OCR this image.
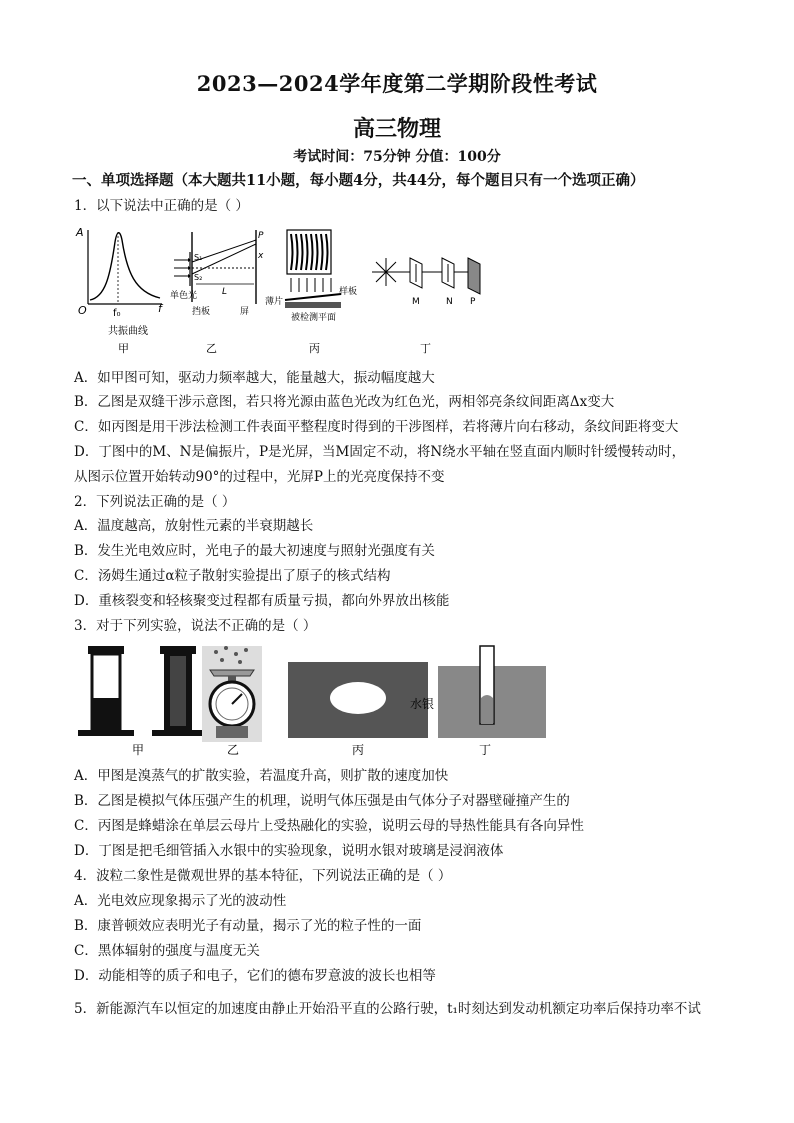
2023—2024学年度第二学期阶段性考试
高三物理
考试时间：75分钟 分值：100分
一、单项选择题（本大题共11小题，每小题4分，共44分，每个题目只有一个选项正确）
1．以下说法中正确的是（ ）
A
f
O	f₀
共振曲线
甲
S₁
S₂
P
x
L
单色光
挡板	屏
乙
薄片
样板
被检测平面
丙
M	N P
丁
A．如甲图可知，驱动力频率越大，能量越大，振动幅度越大
B．乙图是双缝干涉示意图，若只将光源由蓝色光改为红色光，两相邻亮条纹间距离Δx变大
C．如丙图是用干涉法检测工件表面平整程度时得到的干涉图样，若将薄片向右移动，条纹间距将变大
D．丁图中的M、N是偏振片，P是光屏，当M固定不动，将N绕水平轴在竖直面内顺时针缓慢转动时，
从图示位置开始转动90°的过程中，光屏P上的光亮度保持不变
2．下列说法正确的是（ ）
A．温度越高，放射性元素的半衰期越长
B．发生光电效应时，光电子的最大初速度与照射光强度有关
C．汤姆生通过α粒子散射实验提出了原子的核式结构
D．重核裂变和轻核聚变过程都有质量亏损，都向外界放出核能
3．对于下列实验，说法不正确的是（ ）
甲	乙	丙
水银
丁
A．甲图是溴蒸气的扩散实验，若温度升高，则扩散的速度加快
B．乙图是模拟气体压强产生的机理，说明气体压强是由气体分子对器壁碰撞产生的
C．丙图是蜂蜡涂在单层云母片上受热融化的实验，说明云母的导热性能具有各向异性
D．丁图是把毛细管插入水银中的实验现象，说明水银对玻璃是浸润液体
4．波粒二象性是微观世界的基本特征，下列说法正确的是（ ）
A．光电效应现象揭示了光的波动性
B．康普顿效应表明光子有动量，揭示了光的粒子性的一面
C．黑体辐射的强度与温度无关
D．动能相等的质子和电子，它们的德布罗意波的波长也相等
5．新能源汽车以恒定的加速度由静止开始沿平直的公路行驶，t₁时刻达到发动机额定功率后保持功率不试
